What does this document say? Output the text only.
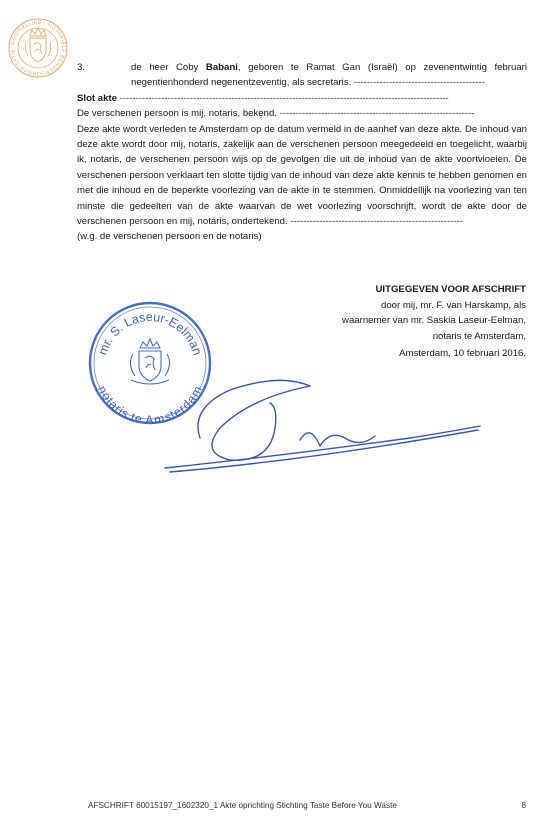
KONINKLIJKE · NOTARIËLE BEROEPSORGANISATIE
3.	de heer Coby Babani, geboren te Ramat Gan (Israël) op zevenentwintig februari negentienhonderd negenentzeventig, als secretaris. -----------------------------------------
Slot akte -------------------------------------------------------------------------------------------------------
De verschenen persoon is mij, notaris, bekend. -------------------------------------------------------------
Deze akte wordt verleden te Amsterdam op de datum vermeld in de aanhef van deze akte. De inhoud van deze akte wordt door mij, notaris, zakelijk aan de verschenen persoon meegedeeld en toegelicht, waarbij ik, notaris, de verschenen persoon wijs op de gevolgen die uit de inhoud van de akte voortvloeien. De verschenen persoon verklaart ten slotte tijdig van de inhoud van deze akte kennis te hebben genomen en met die inhoud en de beperkte voorlezing van de akte in te stemmen. Onmiddellijk na voorlezing van ten minste die gedeelten van de akte waarvan de wet voorlezing voorschrijft, wordt de akte door de verschenen persoon en mij, notaris, ondertekend. ------------------------------------------------------
(w.g. de verschenen persoon en de notaris)
UITGEGEVEN VOOR AFSCHRIFT
door mij, mr. F. van Harskamp, als
waarnemer van mr. Saskia Laseur-Eelman,
notaris te Amsterdam,
Amsterdam, 10 februari 2016.
mr. S. Laseur-Eelman
notaris te Amsterdam
AFSCHRIFT 60015197_1602320_1 Akte oprichting Stichting Taste Before You Waste	8
